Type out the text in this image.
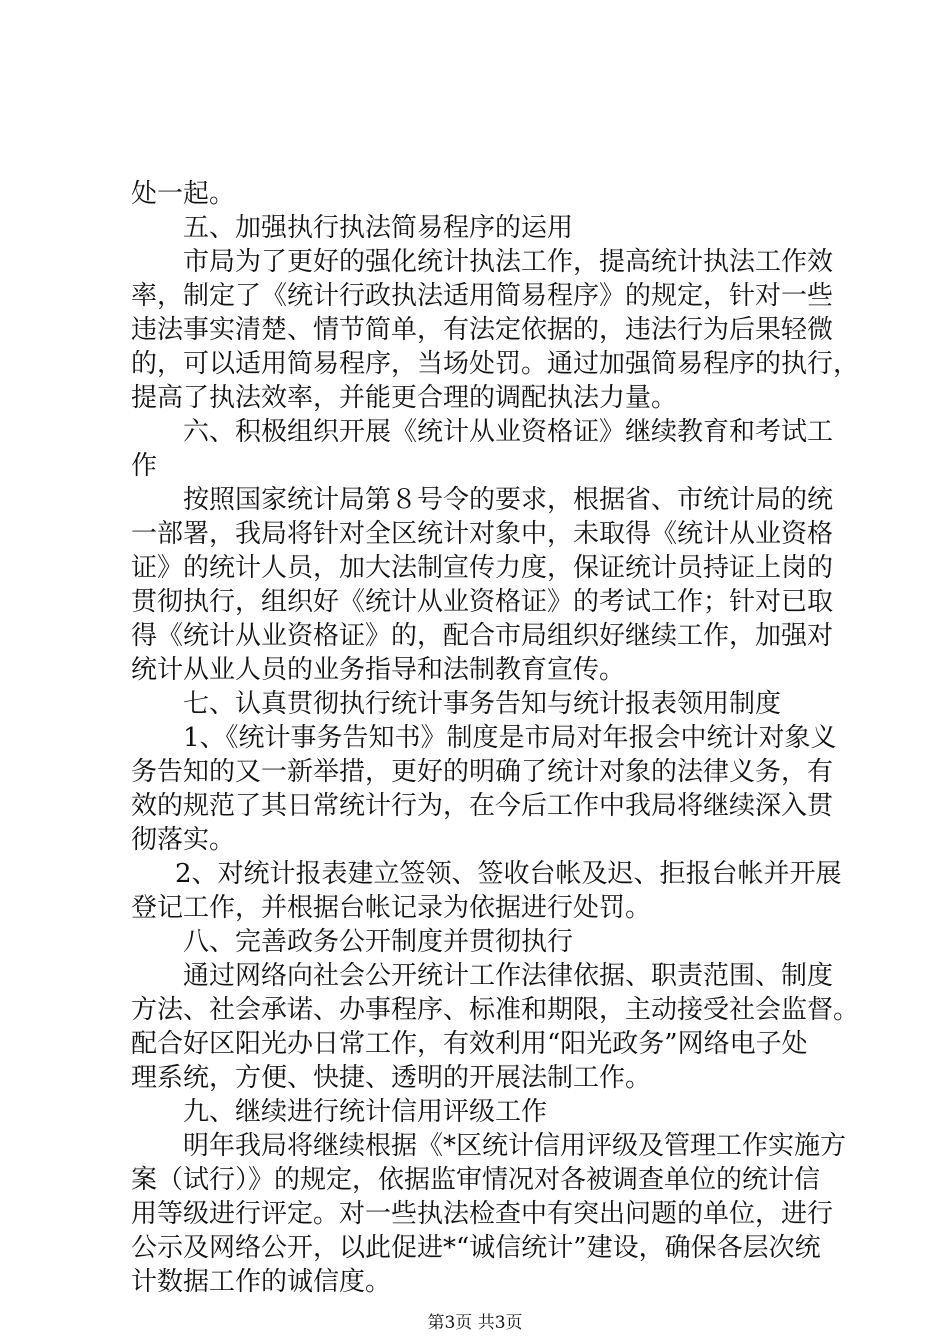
处一起。
五、加强执行执法简易程序的运用
市局为了更好的强化统计执法工作，提高统计执法工作效
率，制定了《统计行政执法适用简易程序》的规定，针对一些
违法事实清楚、情节简单，有法定依据的，违法行为后果轻微
的，可以适用简易程序，当场处罚。通过加强简易程序的执行，
提高了执法效率，并能更合理的调配执法力量。
六、积极组织开展《统计从业资格证》继续教育和考试工
作
按照国家统计局第８号令的要求，根据省、市统计局的统
一部署，我局将针对全区统计对象中，未取得《统计从业资格
证》的统计人员，加大法制宣传力度，保证统计员持证上岗的
贯彻执行，组织好《统计从业资格证》的考试工作；针对已取
得《统计从业资格证》的，配合市局组织好继续工作，加强对
统计从业人员的业务指导和法制教育宣传。
七、认真贯彻执行统计事务告知与统计报表领用制度
1、《统计事务告知书》制度是市局对年报会中统计对象义
务告知的又一新举措，更好的明确了统计对象的法律义务，有
效的规范了其日常统计行为，在今后工作中我局将继续深入贯
彻落实。
2、对统计报表建立签领、签收台帐及迟、拒报台帐并开展
登记工作，并根据台帐记录为依据进行处罚。
八、完善政务公开制度并贯彻执行
通过网络向社会公开统计工作法律依据、职责范围、制度
方法、社会承诺、办事程序、标准和期限，主动接受社会监督。
配合好区阳光办日常工作，有效利用“阳光政务”网络电子处
理系统，方便、快捷、透明的开展法制工作。
九、继续进行统计信用评级工作
明年我局将继续根据《*区统计信用评级及管理工作实施方
案（试行）》的规定，依据监审情况对各被调查单位的统计信
用等级进行评定。对一些执法检查中有突出问题的单位，进行
公示及网络公开，以此促进*“诚信统计”建设，确保各层次统
计数据工作的诚信度。
第3页 共3页
